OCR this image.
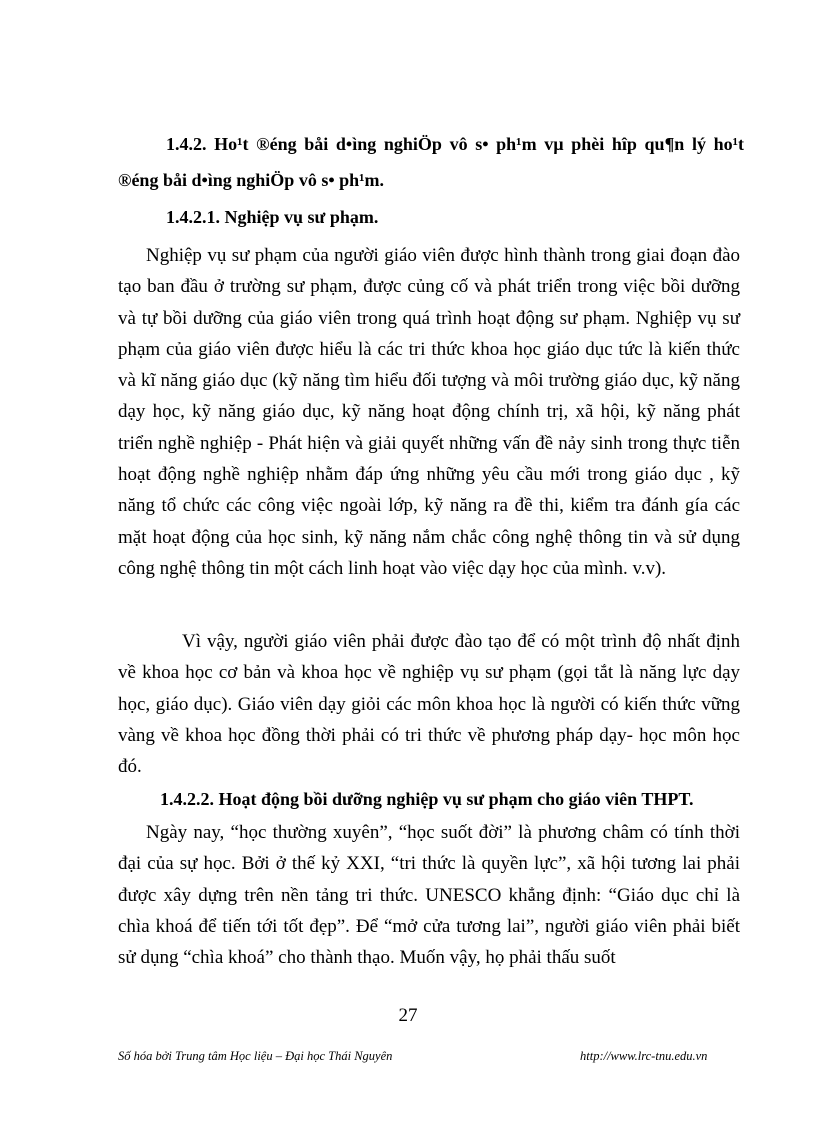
1.4.2. Ho¹t ®éng båi d•ìng nghiÖp vô s• ph¹m vµ phèi hîp qu¶n lý ho¹t ®éng båi d•ìng nghiÖp vô s• ph¹m.
1.4.2.1. Nghiệp vụ sư phạm.

Nghiệp vụ sư phạm của người giáo viên được hình thành trong giai đoạn đào tạo ban đầu ở trường sư phạm, được củng cố và phát triển trong việc bồi dưỡng và tự bồi dưỡng của giáo viên trong quá trình hoạt động sư phạm. Nghiệp vụ sư phạm của giáo viên được hiểu là các tri thức khoa học giáo dục tức là kiến thức và kĩ năng giáo dục (kỹ năng tìm hiểu đối tượng và môi trường giáo dục, kỹ năng dạy học, kỹ năng giáo dục, kỹ năng hoạt động chính trị, xã hội, kỹ năng phát triển nghề nghiệp - Phát hiện và giải quyết những vấn đề nảy sinh trong thực tiễn hoạt động nghề nghiệp nhằm đáp ứng những yêu cầu mới trong giáo dục , kỹ năng tổ chức các công việc ngoài lớp, kỹ năng ra đề thi, kiểm tra đánh gía các mặt hoạt động của học sinh, kỹ năng nắm chắc công nghệ thông tin và sử dụng công nghệ thông tin một cách linh hoạt vào việc dạy học của mình. v.v).

Vì vậy, người giáo viên phải được đào tạo để có một trình độ nhất định về khoa học cơ bản và khoa học về nghiệp vụ sư phạm (gọi tắt là năng lực dạy học, giáo dục). Giáo viên dạy giỏi các môn khoa học là người có kiến thức vững vàng về khoa học đồng thời phải có tri thức về phương pháp dạy- học môn học đó.

1.4.2.2. Hoạt động bồi dưỡng nghiệp vụ sư phạm cho giáo viên THPT.

Ngày nay, “học thường xuyên”, “học suốt đời” là phương châm có tính thời đại của sự học. Bởi ở thế kỷ XXI, “tri thức là quyền lực”, xã hội tương lai phải được xây dựng trên nền tảng tri thức. UNESCO khẳng định: “Giáo dục chỉ là chìa khoá để tiến tới tốt đẹp”. Để “mở cửa tương lai”, người giáo viên phải biết sử dụng “chìa khoá” cho thành thạo. Muốn vậy, họ phải thấu suốt

27
Số hóa bởi Trung tâm Học liệu – Đại học Thái Nguyên	http://www.lrc-tnu.edu.vn
